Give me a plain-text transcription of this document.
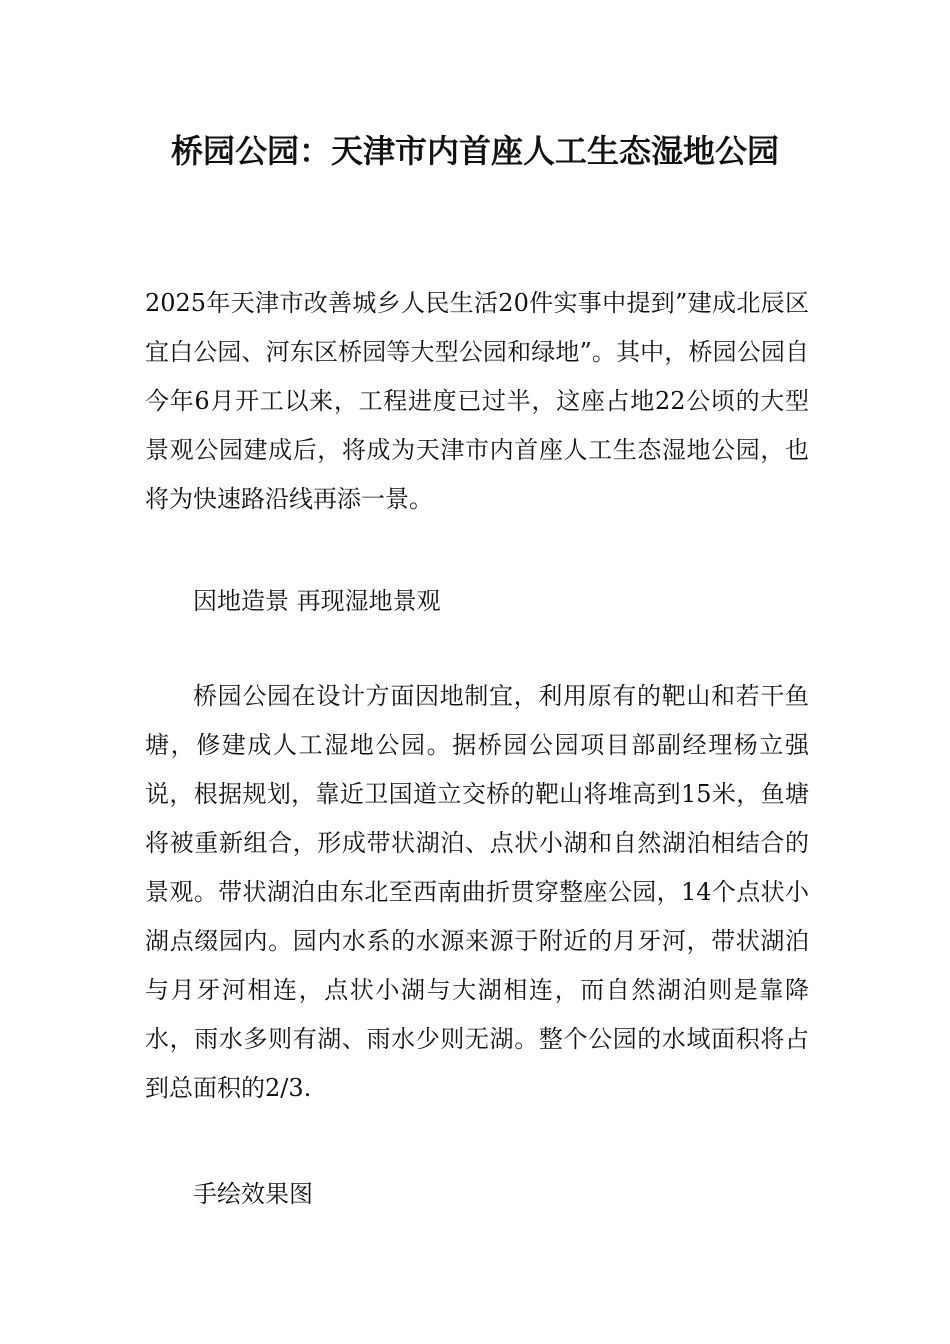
桥园公园：天津市内首座人工生态湿地公园

2025年天津市改善城乡人民生活20件实事中提到”建成北辰区宜白公园、河东区桥园等大型公园和绿地”。其中，桥园公园自今年6月开工以来，工程进度已过半，这座占地22公顷的大型景观公园建成后，将成为天津市内首座人工生态湿地公园，也将为快速路沿线再添一景。

因地造景 再现湿地景观

桥园公园在设计方面因地制宜，利用原有的靶山和若干鱼塘，修建成人工湿地公园。据桥园公园项目部副经理杨立强说，根据规划，靠近卫国道立交桥的靶山将堆高到15米，鱼塘将被重新组合，形成带状湖泊、点状小湖和自然湖泊相结合的景观。带状湖泊由东北至西南曲折贯穿整座公园，14个点状小湖点缀园内。园内水系的水源来源于附近的月牙河，带状湖泊与月牙河相连，点状小湖与大湖相连，而自然湖泊则是靠降水，雨水多则有湖、雨水少则无湖。整个公园的水域面积将占到总面积的2/3.

手绘效果图
